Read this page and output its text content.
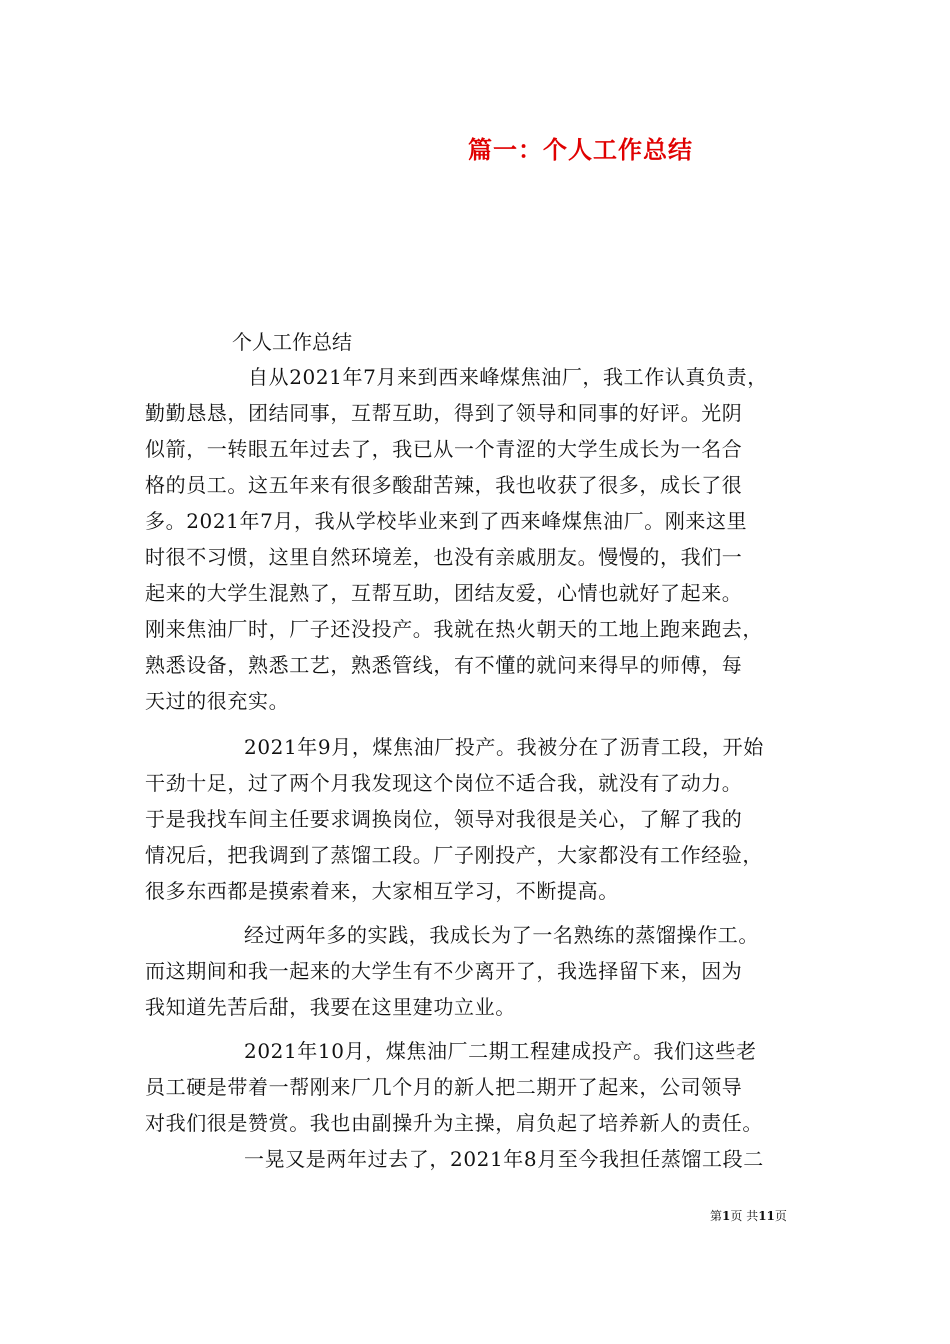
篇一：个人工作总结
个人工作总结
自从2021年7月来到西来峰煤焦油厂，我工作认真负责，
勤勤恳恳，团结同事，互帮互助，得到了领导和同事的好评。光阴
似箭，一转眼五年过去了，我已从一个青涩的大学生成长为一名合
格的员工。这五年来有很多酸甜苦辣，我也收获了很多，成长了很
多。2021年7月，我从学校毕业来到了西来峰煤焦油厂。刚来这里
时很不习惯，这里自然环境差，也没有亲戚朋友。慢慢的，我们一
起来的大学生混熟了，互帮互助，团结友爱，心情也就好了起来。
刚来焦油厂时，厂子还没投产。我就在热火朝天的工地上跑来跑去，
熟悉设备，熟悉工艺，熟悉管线，有不懂的就问来得早的师傅，每
天过的很充实。
2021年9月，煤焦油厂投产。我被分在了沥青工段，开始
干劲十足，过了两个月我发现这个岗位不适合我，就没有了动力。
于是我找车间主任要求调换岗位，领导对我很是关心，了解了我的
情况后，把我调到了蒸馏工段。厂子刚投产，大家都没有工作经验，
很多东西都是摸索着来，大家相互学习，不断提高。
经过两年多的实践，我成长为了一名熟练的蒸馏操作工。
而这期间和我一起来的大学生有不少离开了，我选择留下来，因为
我知道先苦后甜，我要在这里建功立业。
2021年10月，煤焦油厂二期工程建成投产。我们这些老
员工硬是带着一帮刚来厂几个月的新人把二期开了起来，公司领导
对我们很是赞赏。我也由副操升为主操，肩负起了培养新人的责任。
一晃又是两年过去了，2021年8月至今我担任蒸馏工段二
第1页 共11页
